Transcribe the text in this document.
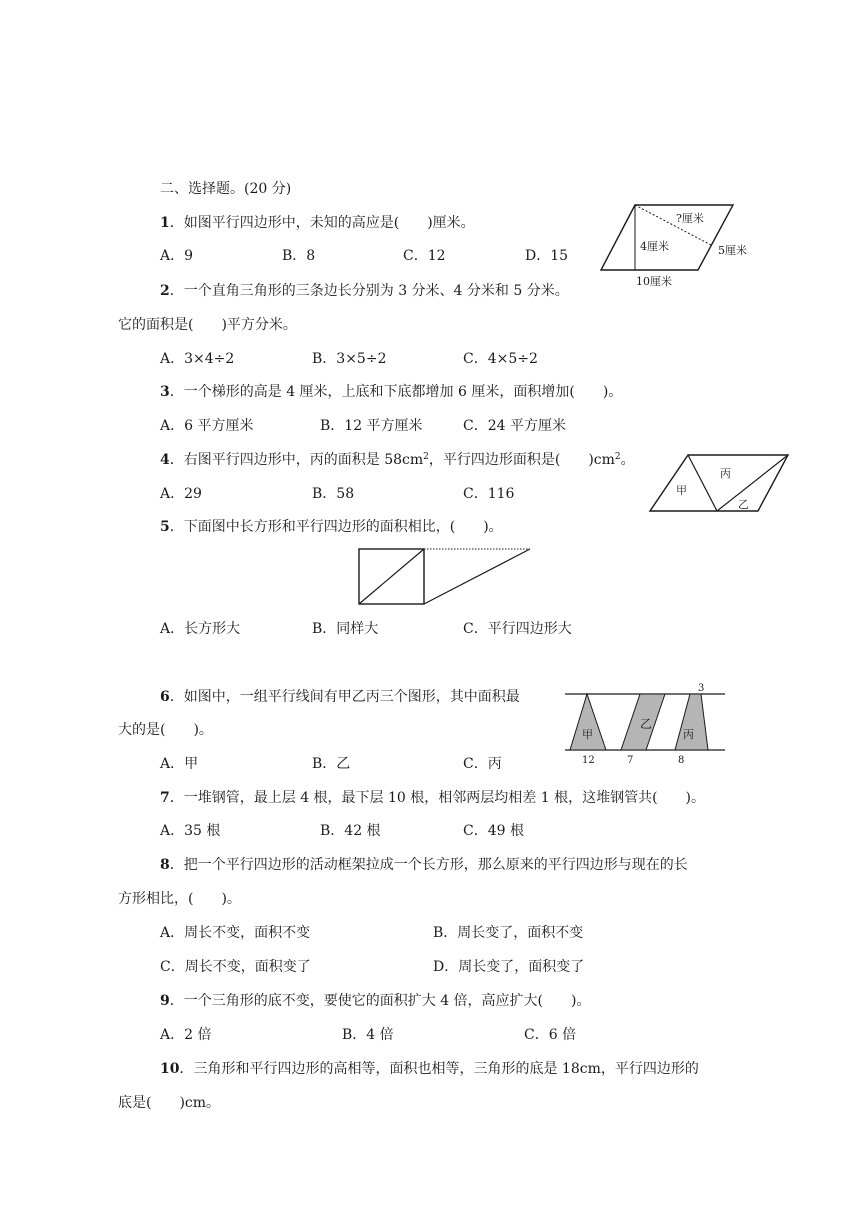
二、选择题。(20 分)
1．如图平行四边形中，未知的高应是(　　)厘米。
A．9	B．8	C．12	D．15
?厘米
4厘米	5厘米
10厘米
2．一个直角三角形的三条边长分别为 3 分米、4 分米和 5 分米。
它的面积是(　　)平方分米。
A．3×4÷2	B．3×5÷2	C．4×5÷2
3．一个梯形的高是 4 厘米，上底和下底都增加 6 厘米，面积增加(　　)。
A．6 平方厘米	B．12 平方厘米	C．24 平方厘米
4．右图平行四边形中，丙的面积是 $58cm^2$，平行四边形面积是(　　)$cm^2$。
A．29	B．58	C．116	甲
丙
乙
5．下面图中长方形和平行四边形的面积相比，(　　)。
A．长方形大	B．同样大	C．平行四边形大
6．如图中，一组平行线间有甲乙丙三个图形，其中面积最
大的是(　　)。
A．甲	B．乙	C．丙
甲
乙
丙
3
12	7	8
7．一堆钢管，最上层 4 根，最下层 10 根，相邻两层均相差 1 根，这堆钢管共(　　)。
A．35 根	B．42 根	C．49 根
8．把一个平行四边形的活动框架拉成一个长方形，那么原来的平行四边形与现在的长
方形相比，(　　)。
A．周长不变，面积不变	B．周长变了，面积不变
C．周长不变，面积变了	D．周长变了，面积变了
9．一个三角形的底不变，要使它的面积扩大 4 倍，高应扩大(　　)。
A．2 倍	B．4 倍	C．6 倍
10．三角形和平行四边形的高相等，面积也相等，三角形的底是 18cm，平行四边形的
底是(　　)cm。
